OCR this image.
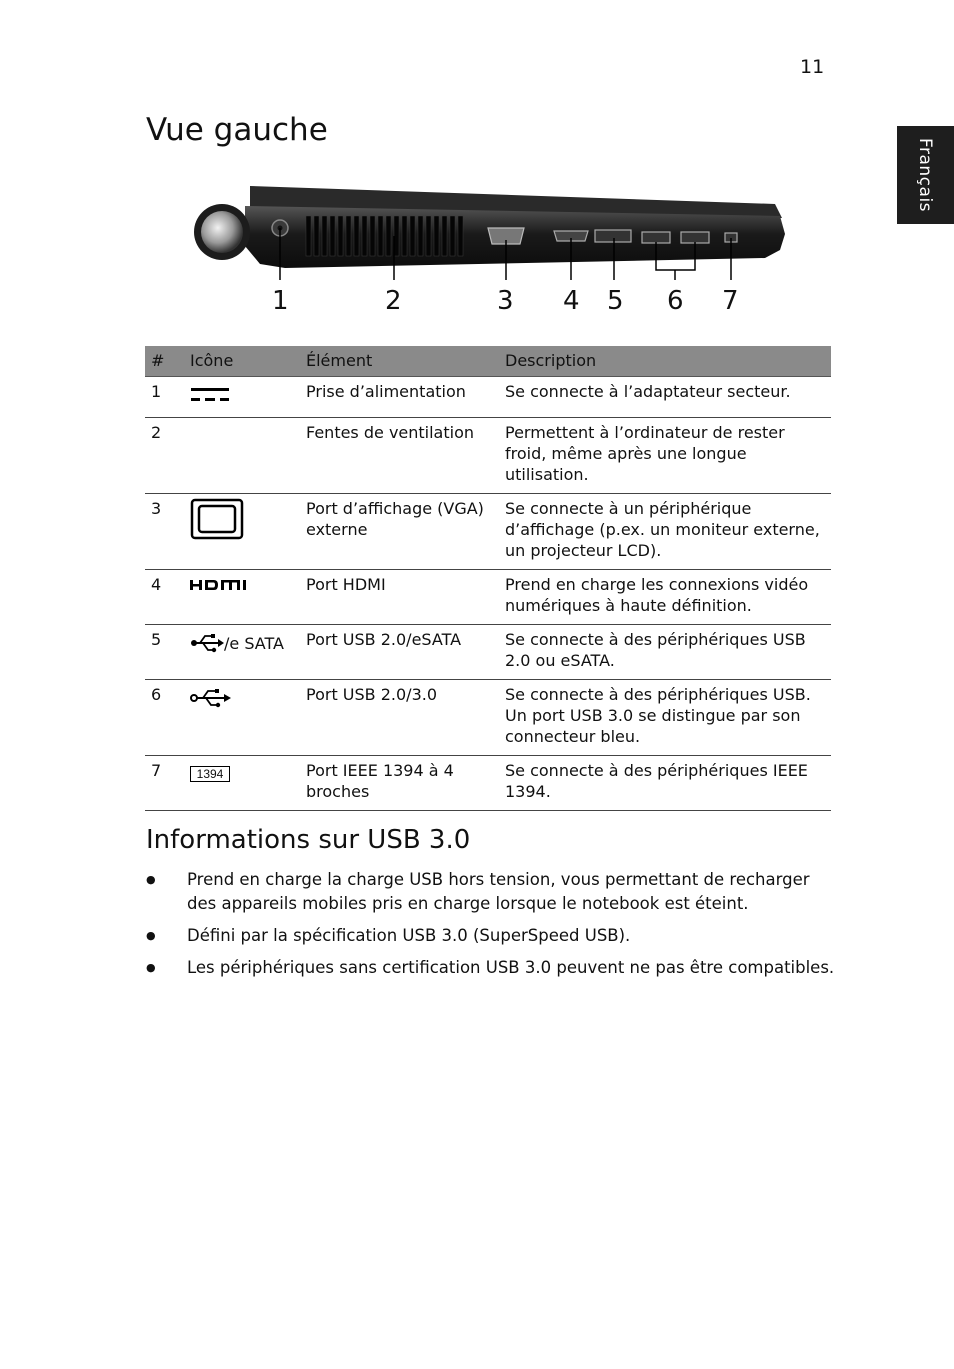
11
Français
Vue gauche
1	2	3 4 5 6 7
#	Icône	Élément	Description
1		Prise d’alimentation	Se connecte à l’adaptateur secteur.
2		Fentes de ventilation	Permettent à l’ordinateur de rester froid, même après une longue utilisation.
3		Port d’affichage (VGA) externe	Se connecte à un périphérique d’affichage (p.ex. un moniteur externe, un projecteur LCD).
4		Port HDMI	Prend en charge les connexions vidéo numériques à haute définition.
5	/e SATA	Port USB 2.0/eSATA	Se connecte à des périphériques USB 2.0 ou eSATA.
6		Port USB 2.0/3.0	Se connecte à des périphériques USB. Un port USB 3.0 se distingue par son connecteur bleu.
7	1394	Port IEEE 1394 à 4 broches	Se connecte à des périphériques IEEE 1394.
Informations sur USB 3.0
● Prend en charge la charge USB hors tension, vous permettant de recharger des appareils mobiles pris en charge lorsque le notebook est éteint.
● Défini par la spécification USB 3.0 (SuperSpeed USB).
● Les périphériques sans certification USB 3.0 peuvent ne pas être compatibles.
